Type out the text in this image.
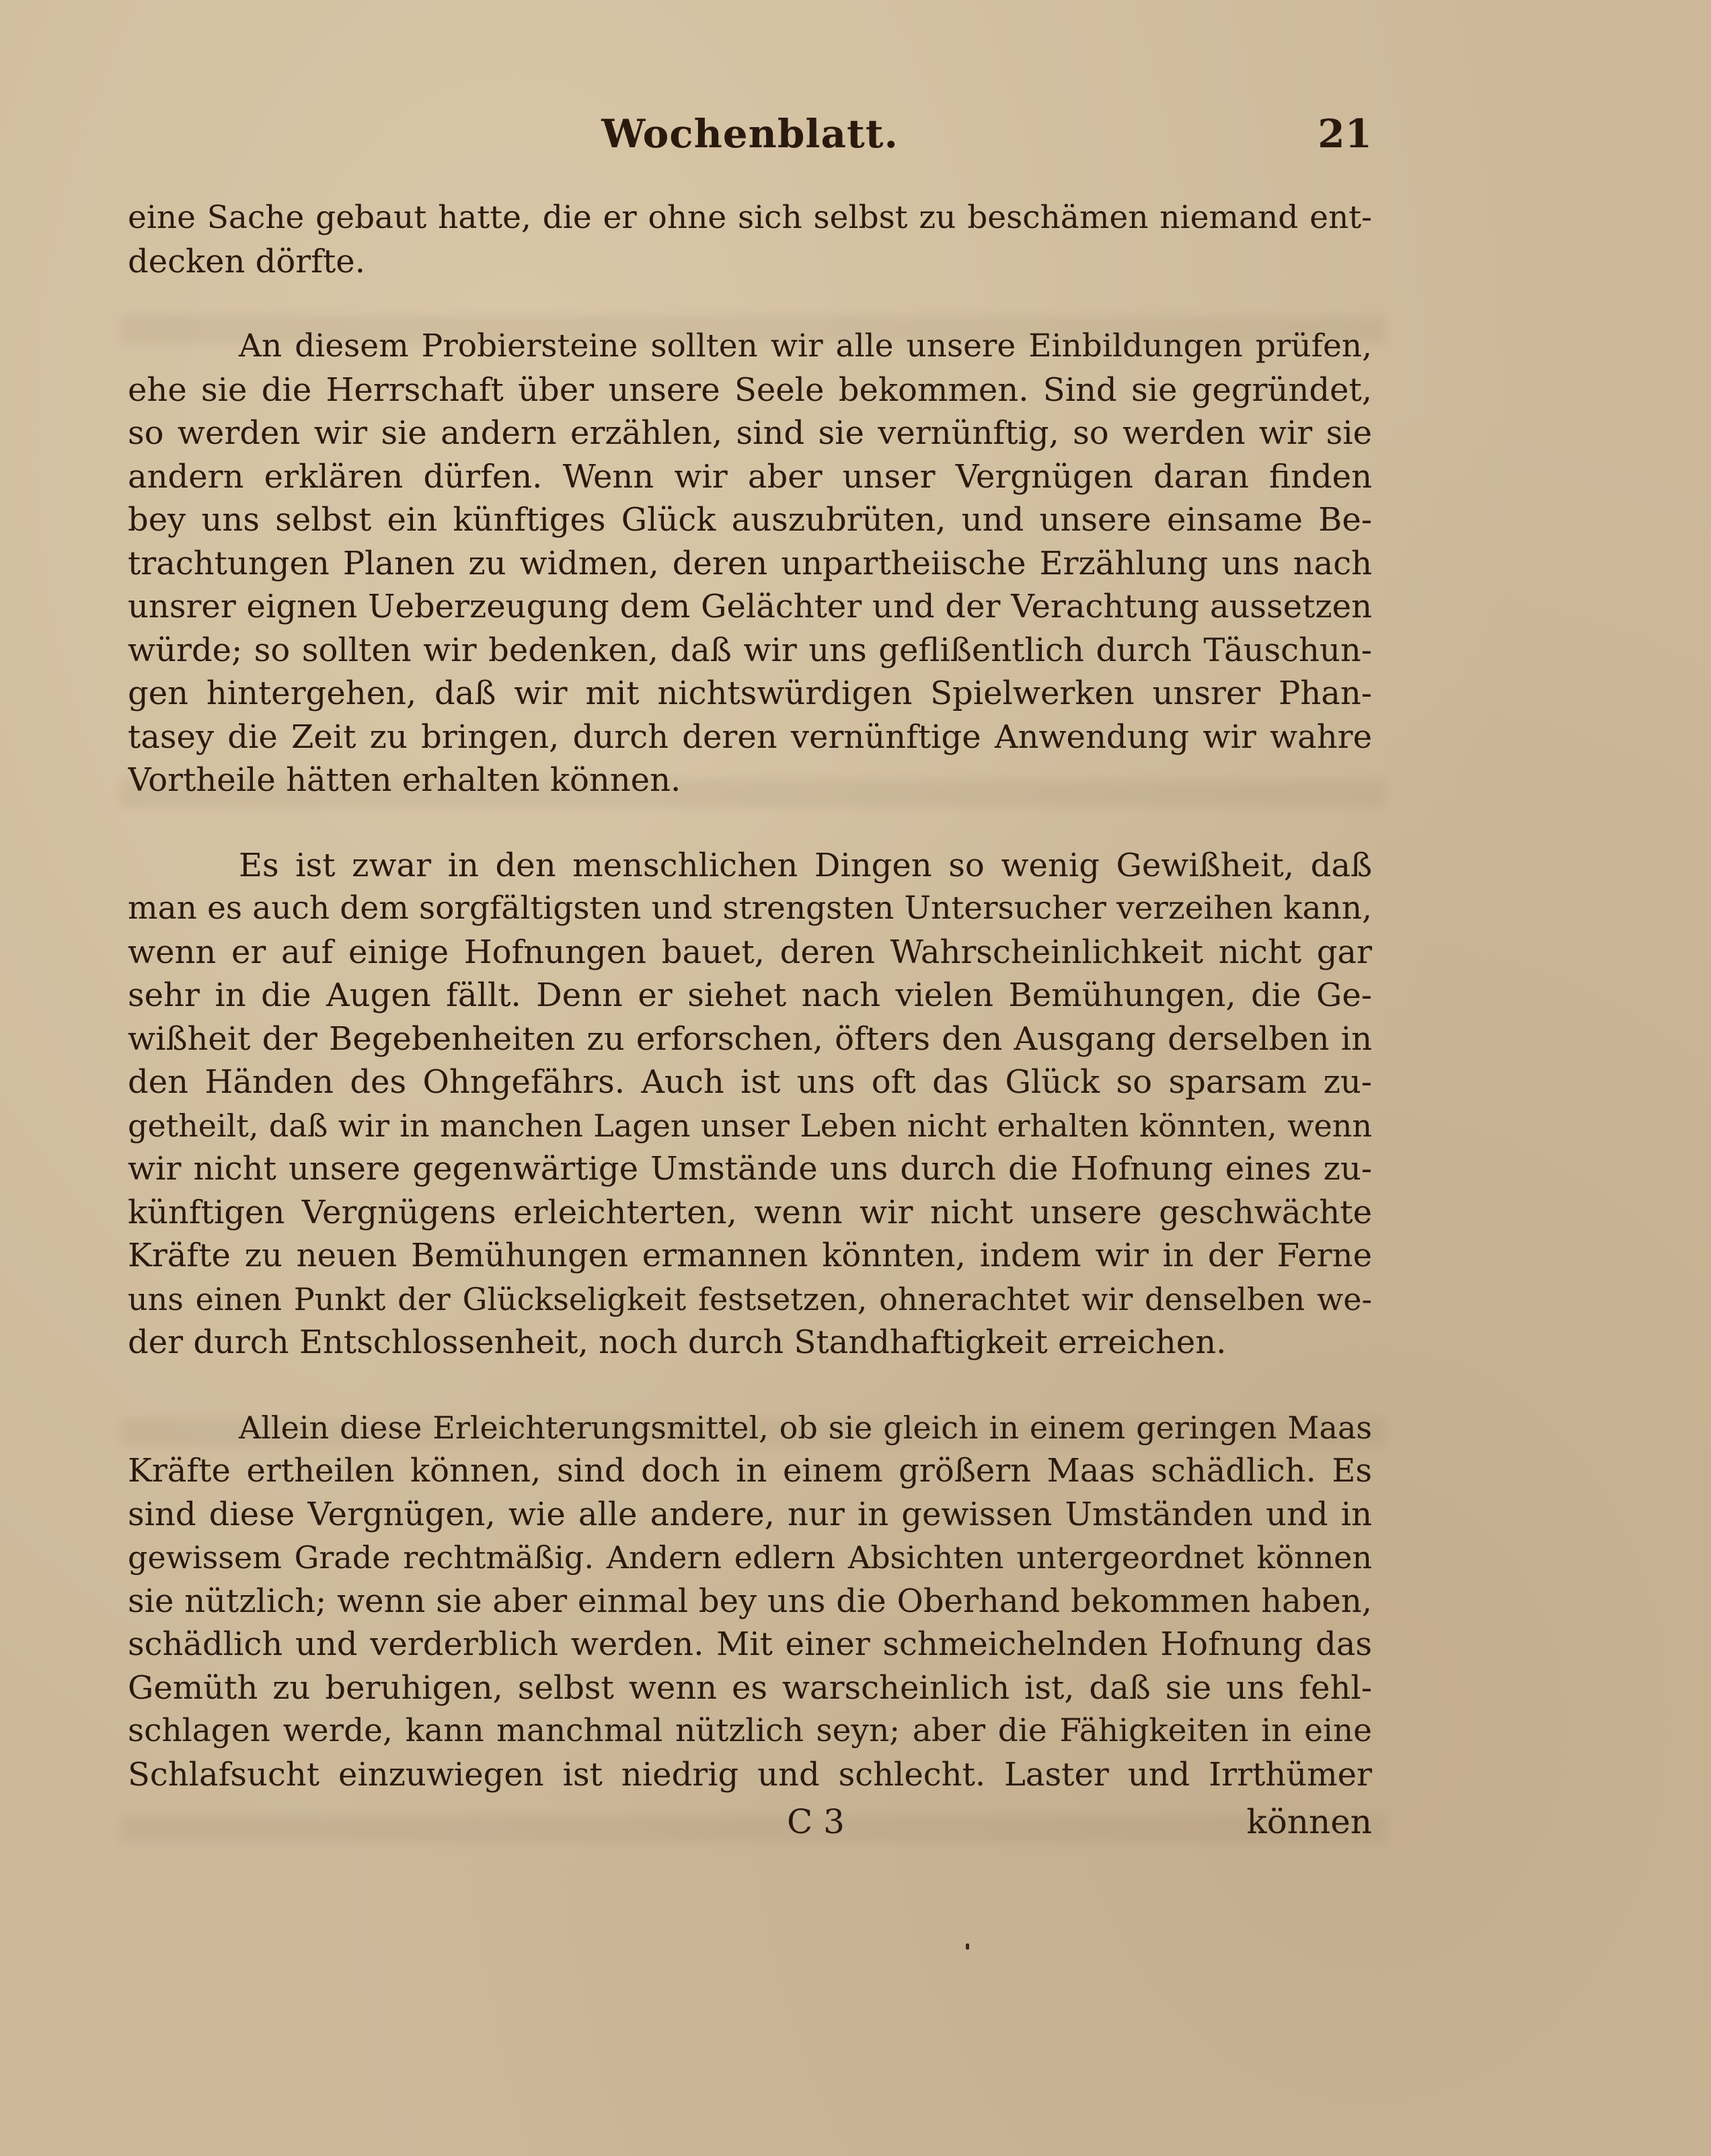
Wochenblatt.	21
eine Sache gebaut hatte, die er ohne sich selbst zu beschämen niemand ent-
decken dörfte.
An diesem Probiersteine sollten wir alle unsere Einbildungen prüfen,
ehe sie die Herrschaft über unsere Seele bekommen. Sind sie gegründet,
so werden wir sie andern erzählen, sind sie vernünftig, so werden wir sie
andern erklären dürfen. Wenn wir aber unser Vergnügen daran finden
bey uns selbst ein künftiges Glück auszubrüten, und unsere einsame Be-
trachtungen Planen zu widmen, deren unpartheiische Erzählung uns nach
unsrer eignen Ueberzeugung dem Gelächter und der Verachtung aussetzen
würde; so sollten wir bedenken, daß wir uns geflißentlich durch Täuschun-
gen hintergehen, daß wir mit nichtswürdigen Spielwerken unsrer Phan-
tasey die Zeit zu bringen, durch deren vernünftige Anwendung wir wahre
Vortheile hätten erhalten können.
Es ist zwar in den menschlichen Dingen so wenig Gewißheit, daß
man es auch dem sorgfältigsten und strengsten Untersucher verzeihen kann,
wenn er auf einige Hofnungen bauet, deren Wahrscheinlichkeit nicht gar
sehr in die Augen fällt. Denn er siehet nach vielen Bemühungen, die Ge-
wißheit der Begebenheiten zu erforschen, öfters den Ausgang derselben in
den Händen des Ohngefährs. Auch ist uns oft das Glück so sparsam zu-
getheilt, daß wir in manchen Lagen unser Leben nicht erhalten könnten, wenn
wir nicht unsere gegenwärtige Umstände uns durch die Hofnung eines zu-
künftigen Vergnügens erleichterten, wenn wir nicht unsere geschwächte
Kräfte zu neuen Bemühungen ermannen könnten, indem wir in der Ferne
uns einen Punkt der Glückseligkeit festsetzen, ohnerachtet wir denselben we-
der durch Entschlossenheit, noch durch Standhaftigkeit erreichen.
Allein diese Erleichterungsmittel, ob sie gleich in einem geringen Maas
Kräfte ertheilen können, sind doch in einem größern Maas schädlich. Es
sind diese Vergnügen, wie alle andere, nur in gewissen Umständen und in
gewissem Grade rechtmäßig. Andern edlern Absichten untergeordnet können
sie nützlich; wenn sie aber einmal bey uns die Oberhand bekommen haben,
schädlich und verderblich werden. Mit einer schmeichelnden Hofnung das
Gemüth zu beruhigen, selbst wenn es warscheinlich ist, daß sie uns fehl-
schlagen werde, kann manchmal nützlich seyn; aber die Fähigkeiten in eine
Schlafsucht einzuwiegen ist niedrig und schlecht. Laster und Irrthümer
C 3	können
